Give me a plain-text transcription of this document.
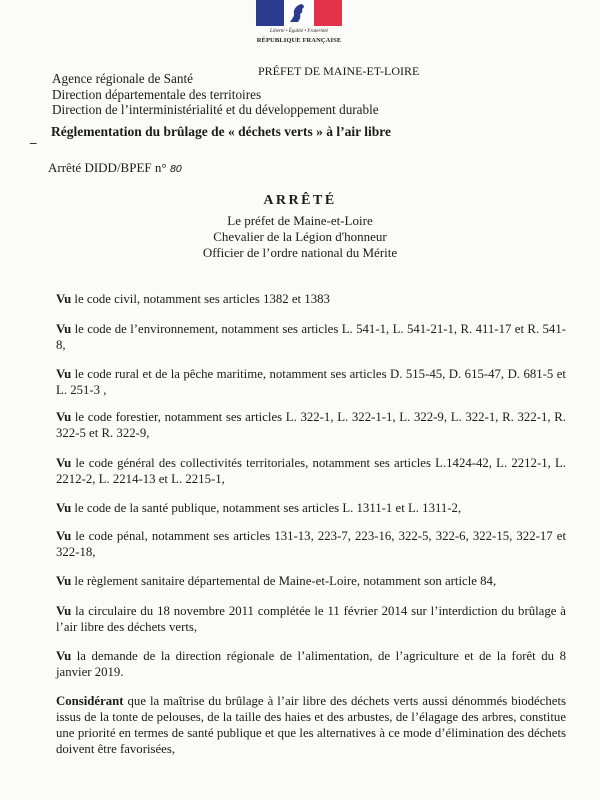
Liberté • Égalité • Fraternité
RÉPUBLIQUE FRANÇAISE
PRÉFET DE MAINE-ET-LOIRE
Agence régionale de Santé
Direction départementale des territoires
Direction de l’interministérialité et du développement durable
_ Réglementation du brûlage de « déchets verts » à l’air libre
Arrêté DIDD/BPEF n° 80
ARRÊTÉ
Le préfet de Maine-et-Loire
Chevalier de la Légion d'honneur
Officier de l’ordre national du Mérite
Vu le code civil, notamment ses articles 1382 et 1383
Vu le code de l’environnement, notamment ses articles L. 541-1, L. 541-21-1, R. 411-17 et R. 541-8,
Vu le code rural et de la pêche maritime, notamment ses articles D. 515-45, D. 615-47, D. 681-5 et L. 251-3 ,
Vu le code forestier, notamment ses articles L. 322-1, L. 322-1-1, L. 322-9, L. 322-1, R. 322-1, R. 322-5 et R. 322-9,
Vu le code général des collectivités territoriales, notamment ses articles L.1424-42, L. 2212-1, L. 2212-2, L. 2214-13 et L. 2215-1,
Vu le code de la santé publique, notamment ses articles L. 1311-1 et L. 1311-2,
Vu le code pénal, notamment ses articles 131-13, 223-7, 223-16, 322-5, 322-6, 322-15, 322-17 et 322-18,
Vu le règlement sanitaire départemental de Maine-et-Loire, notamment son article 84,
Vu la circulaire du 18 novembre 2011 complétée le 11 février 2014 sur l’interdiction du brûlage à l’air libre des déchets verts,
Vu la demande de la direction régionale de l’alimentation, de l’agriculture et de la forêt du 8 janvier 2019.
Considérant que la maîtrise du brûlage à l’air libre des déchets verts aussi dénommés biodéchets issus de la tonte de pelouses, de la taille des haies et des arbustes, de l’élagage des arbres, constitue une priorité en termes de santé publique et que les alternatives à ce mode d’élimination des déchets doivent être favorisées,
